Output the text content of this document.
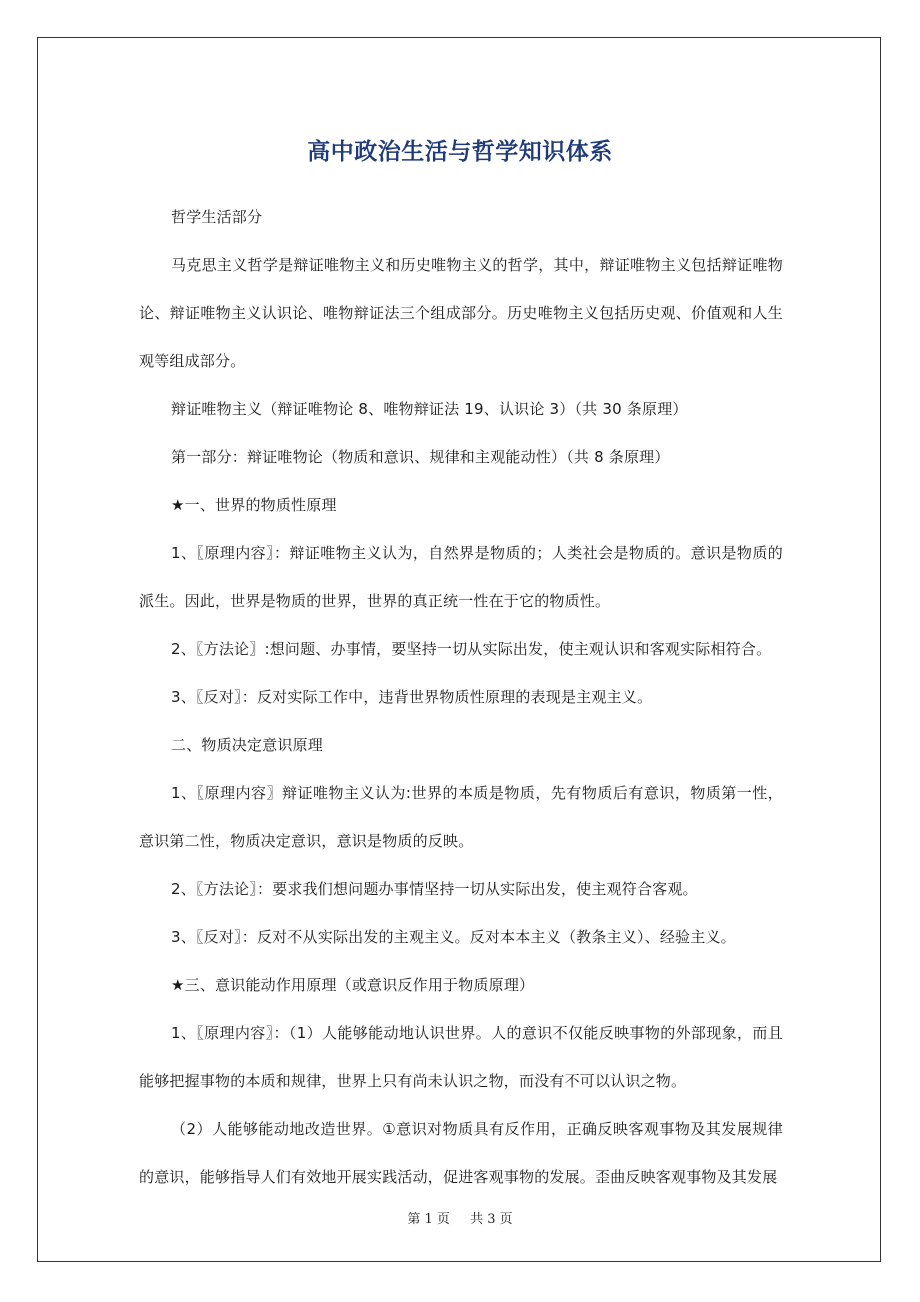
高中政治生活与哲学知识体系

哲学生活部分

马克思主义哲学是辩证唯物主义和历史唯物主义的哲学，其中，辩证唯物主义包括辩证唯物论、辩证唯物主义认识论、唯物辩证法三个组成部分。历史唯物主义包括历史观、价值观和人生观等组成部分。

辩证唯物主义（辩证唯物论 8、唯物辩证法 19、认识论 3）（共 30 条原理）

第一部分：辩证唯物论（物质和意识、规律和主观能动性）（共 8 条原理）

★一、世界的物质性原理

1、〖原理内容〗：辩证唯物主义认为，自然界是物质的；人类社会是物质的。意识是物质的派生。因此，世界是物质的世界，世界的真正统一性在于它的物质性。

2、〖方法论〗:想问题、办事情，要坚持一切从实际出发，使主观认识和客观实际相符合。

3、〖反对〗：反对实际工作中，违背世界物质性原理的表现是主观主义。

二、物质决定意识原理

1、〖原理内容〗辩证唯物主义认为:世界的本质是物质，先有物质后有意识，物质第一性，意识第二性，物质决定意识，意识是物质的反映。

2、〖方法论〗：要求我们想问题办事情坚持一切从实际出发，使主观符合客观。

3、〖反对〗：反对不从实际出发的主观主义。反对本本主义（教条主义）、经验主义。

★三、意识能动作用原理（或意识反作用于物质原理）

1、〖原理内容〗：（1）人能够能动地认识世界。人的意识不仅能反映事物的外部现象，而且能够把握事物的本质和规律，世界上只有尚未认识之物，而没有不可以认识之物。

（2）人能够能动地改造世界。①意识对物质具有反作用，正确反映客观事物及其发展规律的意识，能够指导人们有效地开展实践活动，促进客观事物的发展。歪曲反映客观事物及其发展

第 1 页 共 3 页
